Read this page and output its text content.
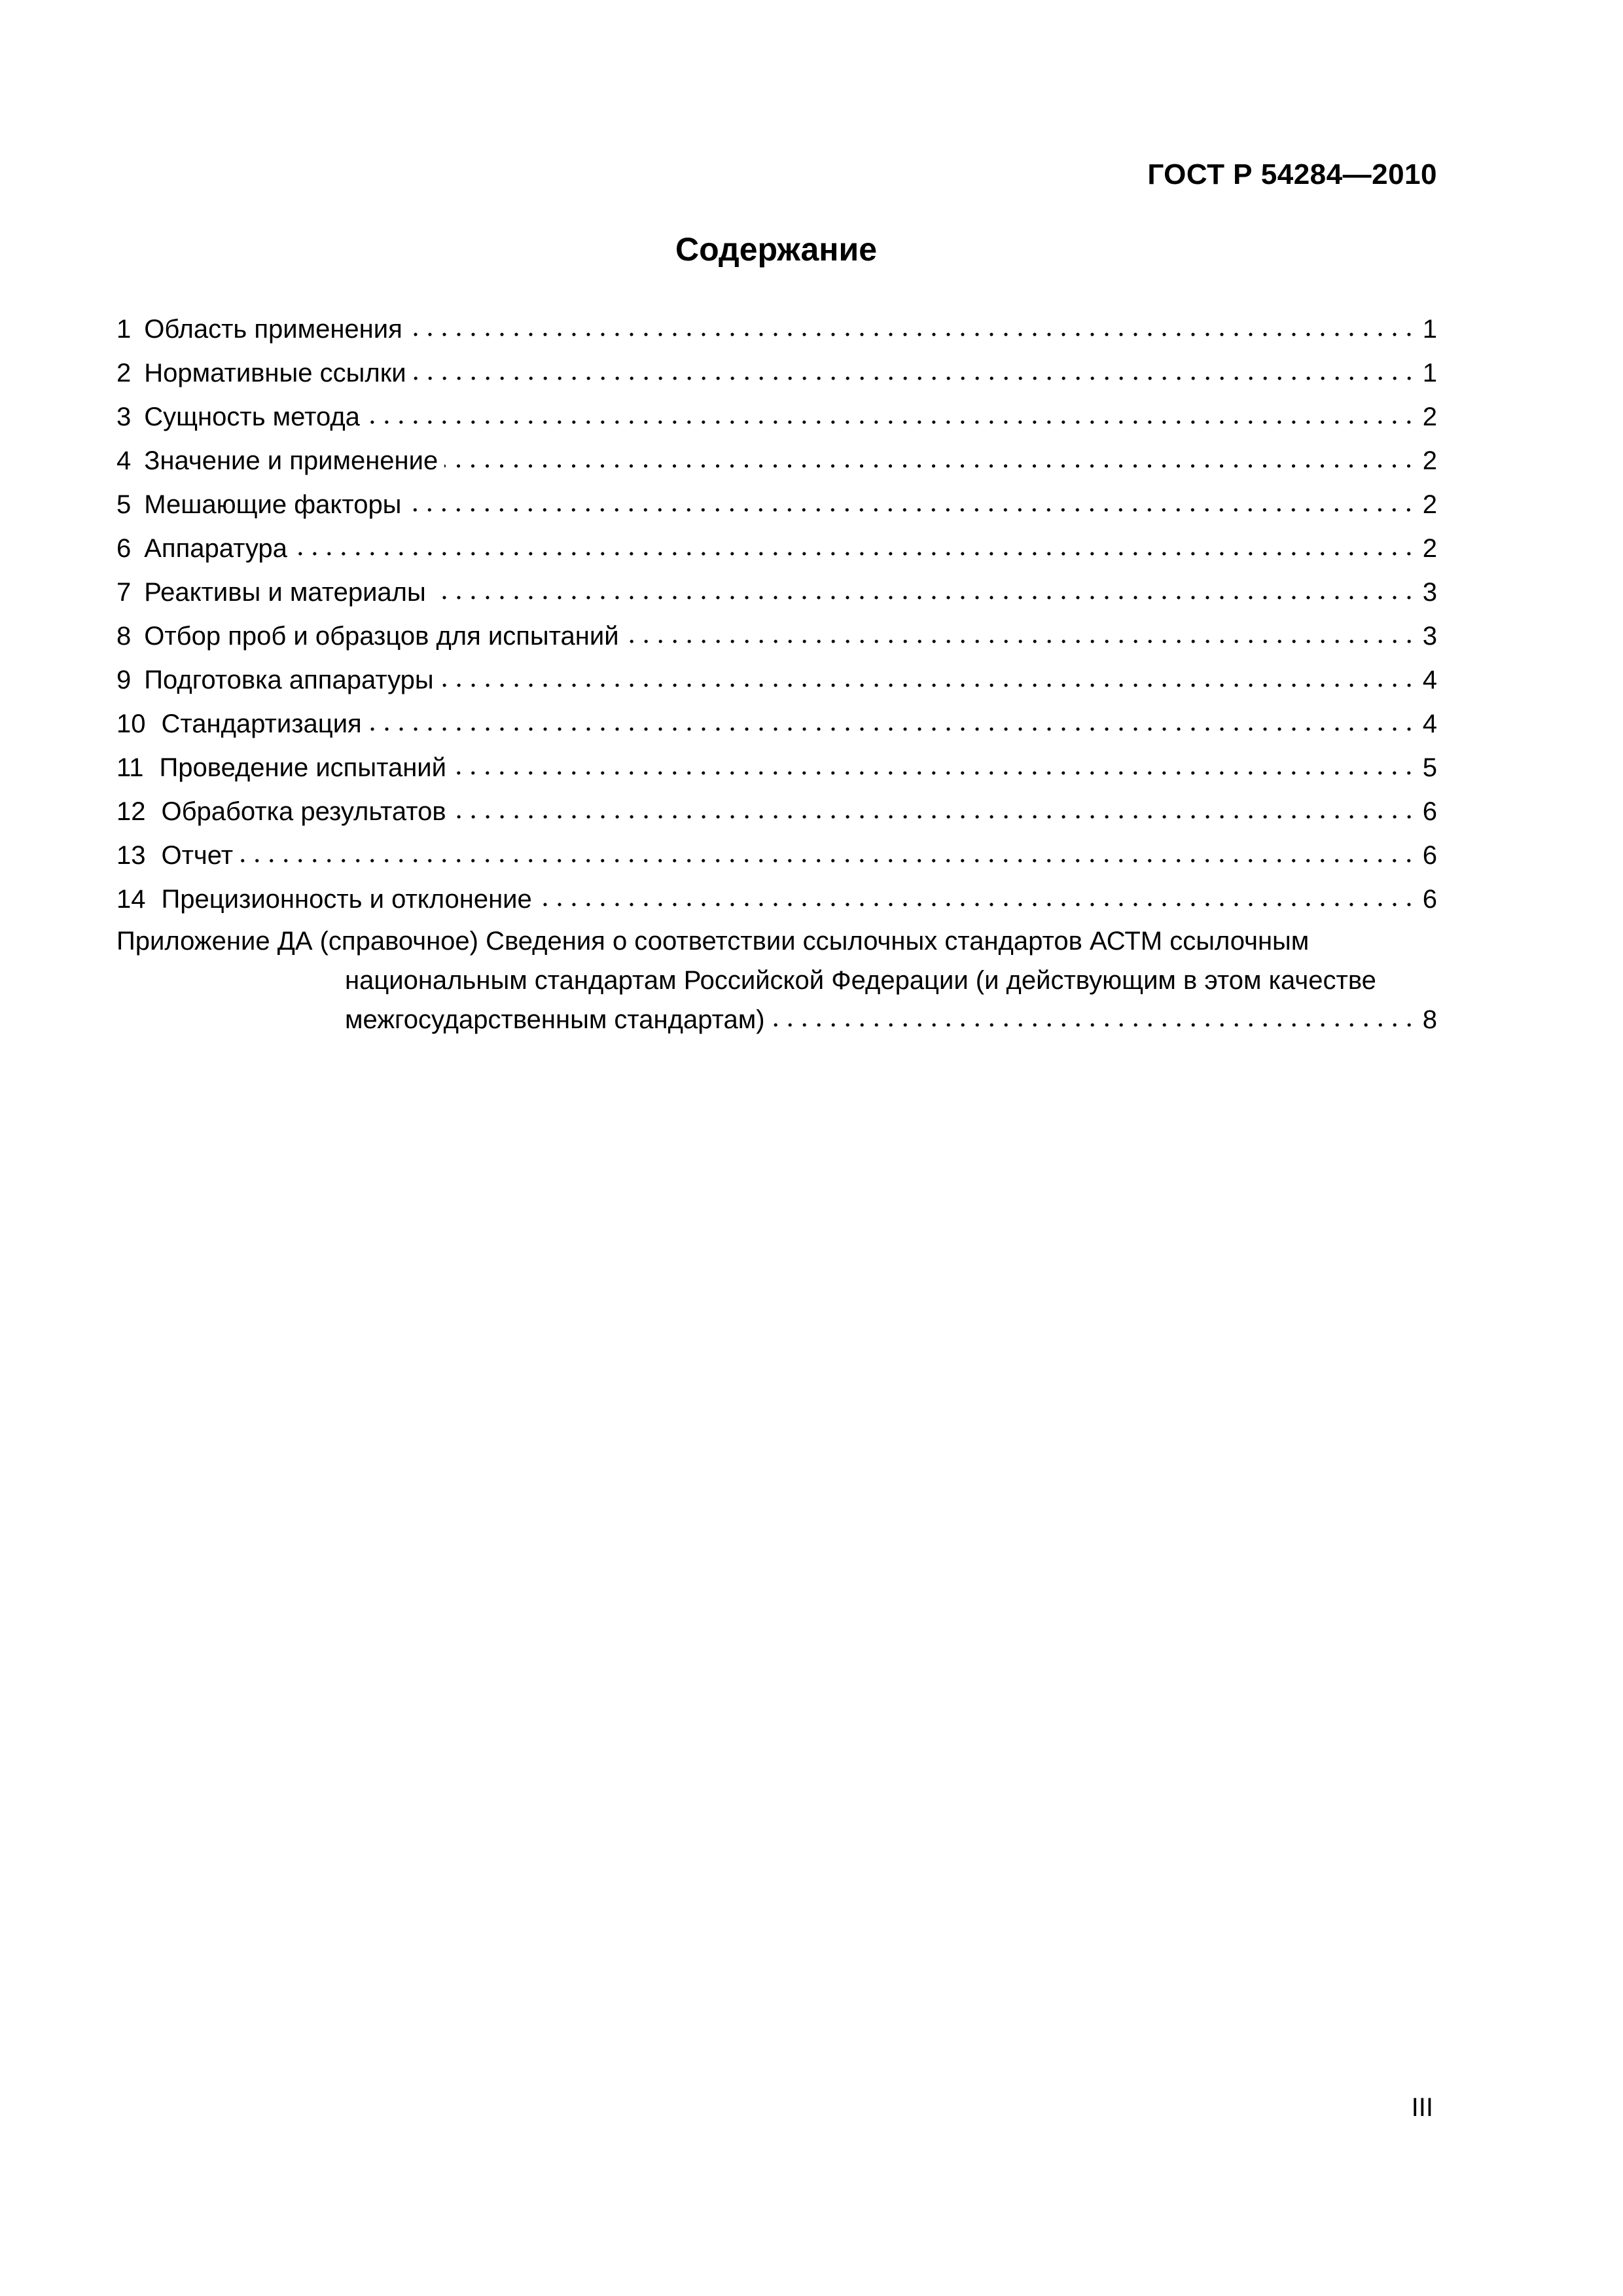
ГОСТ Р 54284—2010
Содержание
1 Область применения	1
2 Нормативные ссылки	1
3 Сущность метода	2
4 Значение и применение	2
5 Мешающие факторы	2
6 Аппаратура	2
7 Реактивы и материалы	3
8 Отбор проб и образцов для испытаний	3
9 Подготовка аппаратуры	4
10 Стандартизация	4
11 Проведение испытаний	5
12 Обработка результатов	6
13 Отчет	6
14 Прецизионность и отклонение	6
Приложение ДА (справочное) Сведения о соответствии ссылочных стандартов АСТМ ссылочным
национальным стандартам Российской Федерации (и действующим в этом качестве
межгосударственным стандартам)	8
III
